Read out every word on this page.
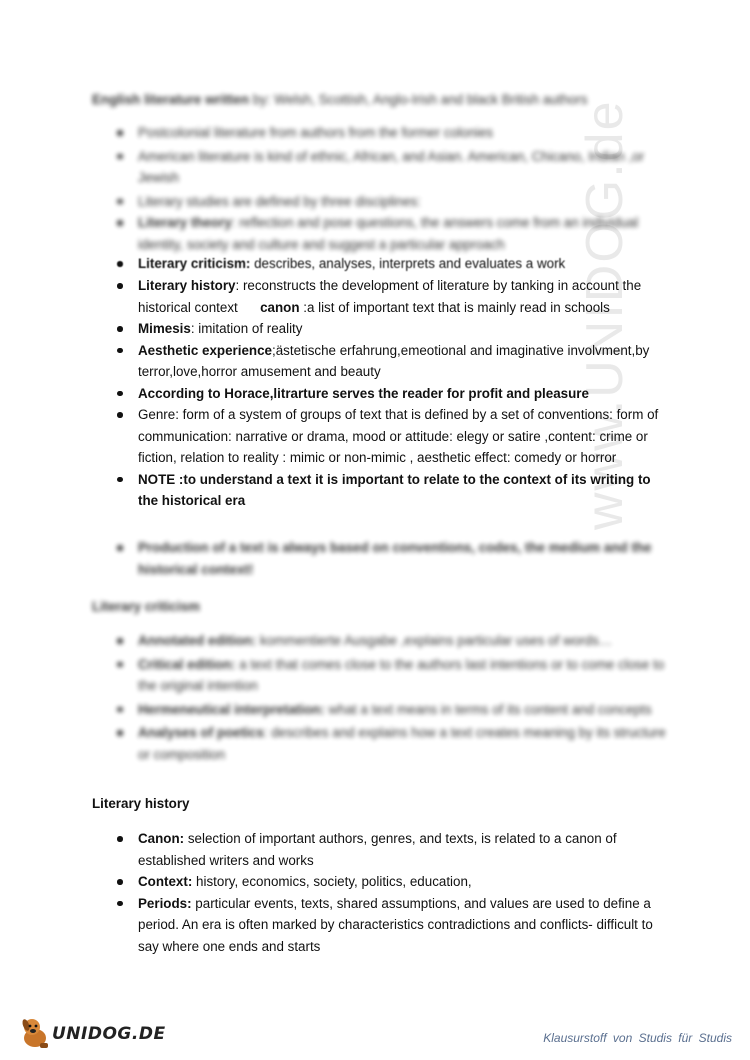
www.UNIDOG.de
English literature written by: Welsh, Scottish, Anglo-Irish and black British authors
Postcolonial literature from authors from the former colonies
American literature is kind of ethnic, African, and Asian. American, Chicano, Indian ,or Jewish
Literary studies are defined by three disciplines:
Literary theory: reflection and pose questions, the answers come from an individual identity, society and culture and suggest a particular approach
Literary criticism: describes, analyses, interprets and evaluates a work
Literary history: reconstructs the development of literature by tanking in account the historical context      canon :a list of important text that is mainly read in schools
Mimesis: imitation of reality
Aesthetic experience;ästetische erfahrung,emeotional and imaginative involvment,by terror,love,horror amusement and beauty
According to Horace,litrarture serves the reader for profit and pleasure
Genre: form of a system of groups of text that is defined by a set of conventions: form of communication: narrative or drama, mood or attitude: elegy or satire ,content: crime or fiction, relation to reality : mimic or non-mimic , aesthetic effect: comedy or horror
NOTE :to understand a text it is important to relate to the context of its writing to the historical era
Production of a text is always based on conventions, codes, the medium and the historical context!
Literary criticism
Annotated edition: kommentierte Ausgabe ,explains particular uses of words…
Critical edition: a text that comes close to the authors last intentions or to come close to the original intention
Hermeneutical interpretation: what a text means in terms of its content and concepts
Analyses of poetics: describes and explains how a text creates meaning by its structure or composition
Literary history
Canon: selection of important authors, genres, and texts, is related to a canon of established writers and works
Context: history, economics, society, politics, education,
Periods: particular events, texts, shared assumptions, and values are used to define a period. An era is often marked by characteristics contradictions and conflicts- difficult to say where one ends and starts
UNIDOG.DE	Klausurstoff von Studis für Studis
